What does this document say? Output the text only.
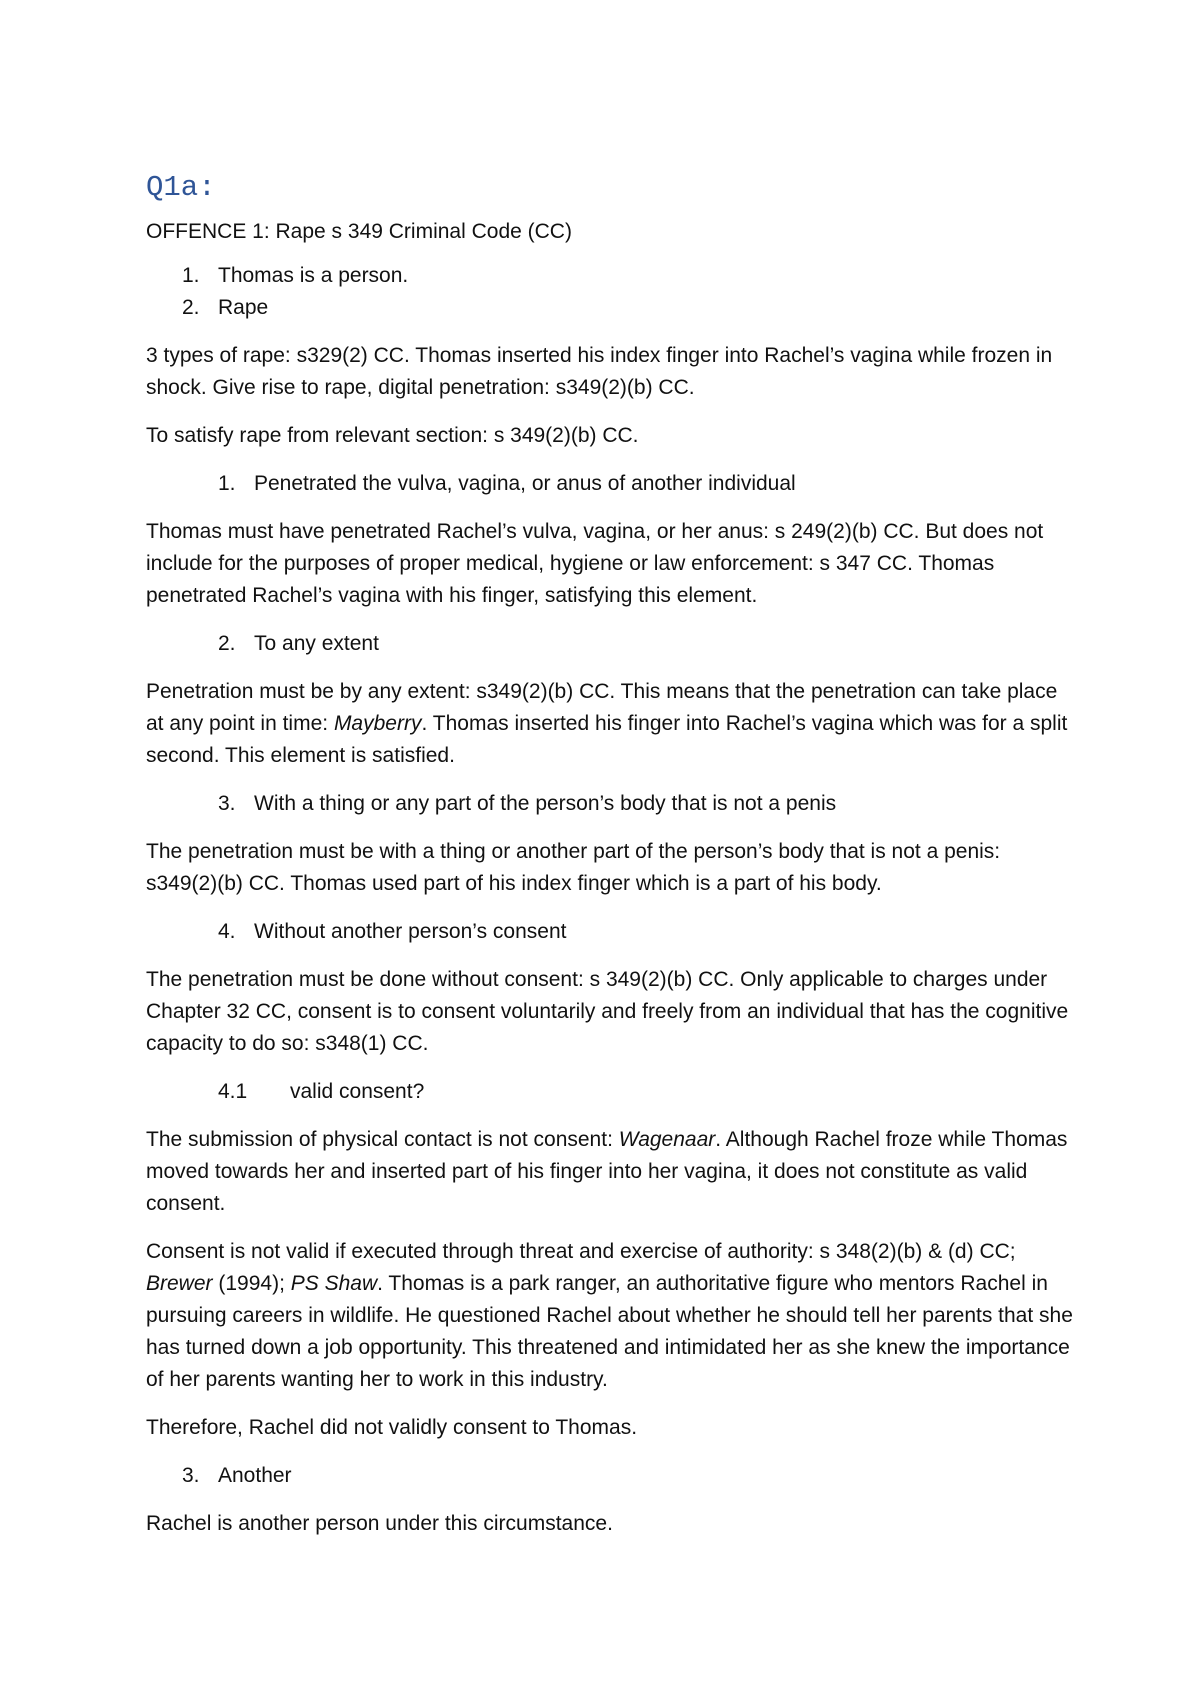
Q1a:

OFFENCE 1: Rape s 349 Criminal Code (CC)

1. Thomas is a person.
2. Rape

3 types of rape: s329(2) CC. Thomas inserted his index finger into Rachel’s vagina while frozen in shock. Give rise to rape, digital penetration: s349(2)(b) CC.

To satisfy rape from relevant section: s 349(2)(b) CC.

1. Penetrated the vulva, vagina, or anus of another individual

Thomas must have penetrated Rachel’s vulva, vagina, or her anus: s 249(2)(b) CC. But does not include for the purposes of proper medical, hygiene or law enforcement: s 347 CC. Thomas penetrated Rachel’s vagina with his finger, satisfying this element.

2. To any extent

Penetration must be by any extent: s349(2)(b) CC. This means that the penetration can take place at any point in time: Mayberry. Thomas inserted his finger into Rachel’s vagina which was for a split second. This element is satisfied.

3. With a thing or any part of the person’s body that is not a penis

The penetration must be with a thing or another part of the person’s body that is not a penis: s349(2)(b) CC. Thomas used part of his index finger which is a part of his body.

4. Without another person’s consent

The penetration must be done without consent: s 349(2)(b) CC. Only applicable to charges under Chapter 32 CC, consent is to consent voluntarily and freely from an individual that has the cognitive capacity to do so: s348(1) CC.

4.1	valid consent?

The submission of physical contact is not consent: Wagenaar. Although Rachel froze while Thomas moved towards her and inserted part of his finger into her vagina, it does not constitute as valid consent.

Consent is not valid if executed through threat and exercise of authority: s 348(2)(b) & (d) CC; Brewer (1994); PS Shaw. Thomas is a park ranger, an authoritative figure who mentors Rachel in pursuing careers in wildlife. He questioned Rachel about whether he should tell her parents that she has turned down a job opportunity. This threatened and intimidated her as she knew the importance of her parents wanting her to work in this industry.

Therefore, Rachel did not validly consent to Thomas.

3. Another

Rachel is another person under this circumstance.
